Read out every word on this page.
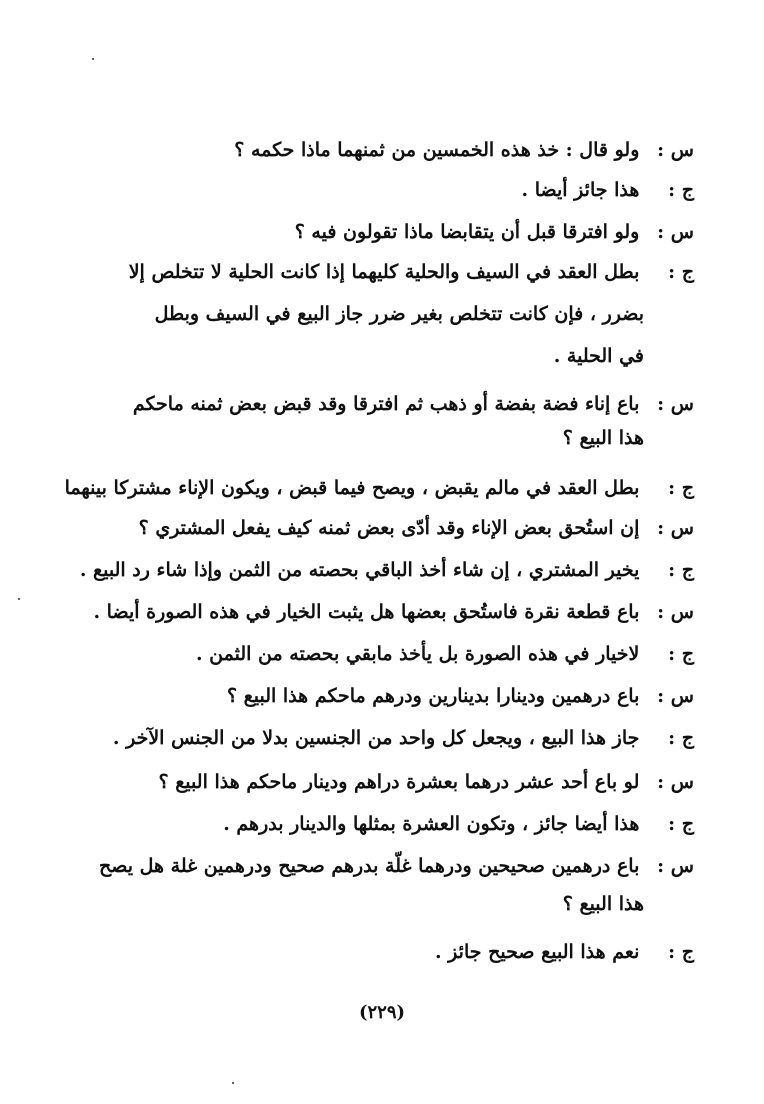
س : ولو قال : خذ هذه الخمسين من ثمنهما ماذا حكمه ؟
ج : هذا جائز أيضا .
س : ولو افترقا قبل أن يتقابضا ماذا تقولون فيه ؟
ج : بطل العقد في السيف والحلية كليهما إذا كانت الحلية لا تتخلص إلا
بضرر ، فإن كانت تتخلص بغير ضرر جاز البيع في السيف وبطل
في الحلية .
س : باع إناء فضة بفضة أو ذهب ثم افترقا وقد قبض بعض ثمنه ماحكم
هذا البيع ؟
ج : بطل العقد في مالم يقبض ، ويصح فيما قبض ، ويكون الإناء مشتركا بينهما
س : إن استُحق بعض الإناء وقد أدّى بعض ثمنه كيف يفعل المشتري ؟
ج : يخير المشتري ، إن شاء أخذ الباقي بحصته من الثمن وإذا شاء رد البيع .
س : باع قطعة نقرة فاستُحق بعضها هل يثبت الخيار في هذه الصورة أيضا .
ج : لاخيار في هذه الصورة بل يأخذ مابقي بحصته من الثمن .
س : باع درهمين ودينارا بدينارين ودرهم ماحكم هذا البيع ؟
ج : جاز هذا البيع ، ويجعل كل واحد من الجنسين بدلا من الجنس الآخر .
س : لو باع أحد عشر درهما بعشرة دراهم ودينار ماحكم هذا البيع ؟
ج : هذا أيضا جائز ، وتكون العشرة بمثلها والدينار بدرهم .
س : باع درهمين صحيحين ودرهما غلّة بدرهم صحيح ودرهمين غلة هل يصح
هذا البيع ؟
ج : نعم هذا البيع صحيح جائز .
(٢٢٩)
